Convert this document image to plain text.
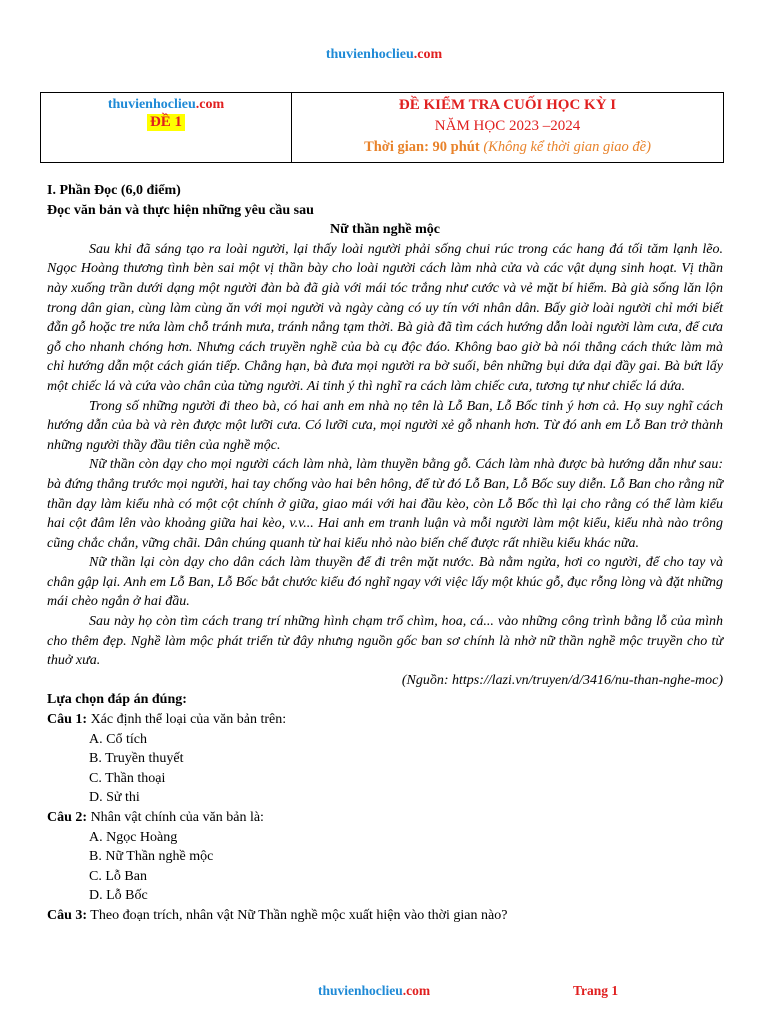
thuvienhoclieu.com
thuvienhoclieu.com
ĐỀ 1
ĐỀ KIỂM TRA CUỐI HỌC KỲ I
NĂM HỌC 2023 –2024
Thời gian: 90 phút (Không kể thời gian giao đề)

I. Phần Đọc (6,0 điểm)

Đọc văn bản và thực hiện những yêu cầu sau

Nữ thần nghề mộc

Sau khi đã sáng tạo ra loài người, lại thấy loài người phải sống chui rúc trong các hang đá tối tăm lạnh lẽo. Ngọc Hoàng thương tình bèn sai một vị thần bày cho loài người cách làm nhà cửa và các vật dụng sinh hoạt. Vị thần này xuống trần dưới dạng một người đàn bà đã già với mái tóc trắng như cước và vẻ mặt bí hiểm. Bà già sống lăn lộn trong dân gian, cùng làm cùng ăn với mọi người và ngày càng có uy tín với nhân dân. Bấy giờ loài người chỉ mới biết đẵn gỗ hoặc tre nứa làm chỗ tránh mưa, tránh nắng tạm thời. Bà già đã tìm cách hướng dẫn loài người làm cưa, để cưa gỗ cho nhanh chóng hơn. Nhưng cách truyền nghề của bà cụ độc đáo. Không bao giờ bà nói thẳng cách thức làm mà chỉ hướng dẫn một cách gián tiếp. Chẳng hạn, bà đưa mọi người ra bờ suối, bên những bụi dứa dại đầy gai. Bà bứt lấy một chiếc lá và cứa vào chân của từng người. Ai tinh ý thì nghĩ ra cách làm chiếc cưa, tương tự như chiếc lá dứa.

Trong số những người đi theo bà, có hai anh em nhà nọ tên là Lỗ Ban, Lỗ Bốc tinh ý hơn cả. Họ suy nghĩ cách hướng dẫn của bà và rèn được một lưỡi cưa. Có lưỡi cưa, mọi người xẻ gỗ nhanh hơn. Từ đó anh em Lỗ Ban trở thành những người thầy đầu tiên của nghề mộc.

Nữ thần còn dạy cho mọi người cách làm nhà, làm thuyền bằng gỗ. Cách làm nhà được bà hướng dẫn như sau: bà đứng thẳng trước mọi người, hai tay chống vào hai bên hông, để từ đó Lỗ Ban, Lỗ Bốc suy diễn. Lỗ Ban cho rằng nữ thần dạy làm kiểu nhà có một cột chính ở giữa, giao mái với hai đầu kèo, còn Lỗ Bốc thì lại cho rằng có thể làm kiểu hai cột đâm lên vào khoảng giữa hai kèo, v.v... Hai anh em tranh luận và mỗi người làm một kiểu, kiểu nhà nào trông cũng chắc chắn, vững chãi. Dân chúng quanh từ hai kiểu nhỏ nào biến chế được rất nhiều kiểu khác nữa.

Nữ thần lại còn dạy cho dân cách làm thuyền để đi trên mặt nước. Bà nằm ngửa, hơi co người, để cho tay và chân gập lại. Anh em Lỗ Ban, Lỗ Bốc bắt chước kiểu đó nghĩ ngay với việc lấy một khúc gỗ, đục rỗng lòng và đặt những mái chèo ngắn ở hai đầu.

Sau này họ còn tìm cách trang trí những hình chạm trổ chìm, hoa, cá... vào những công trình bằng lỗ của mình cho thêm đẹp. Nghề làm mộc phát triển từ đây nhưng nguồn gốc ban sơ chính là nhờ nữ thần nghề mộc truyền cho từ thuở xưa.

(Nguồn: https://lazi.vn/truyen/d/3416/nu-than-nghe-moc)

Lựa chọn đáp án đúng:

Câu 1: Xác định thể loại của văn bản trên:

A. Cổ tích

B. Truyền thuyết

C. Thần thoại

D. Sử thi

Câu 2: Nhân vật chính của văn bản là:

A. Ngọc Hoàng

B. Nữ Thần nghề mộc

C. Lỗ Ban

D. Lỗ Bốc

Câu 3: Theo đoạn trích, nhân vật Nữ Thần nghề mộc xuất hiện vào thời gian nào?

thuvienhoclieu.com	Trang 1
